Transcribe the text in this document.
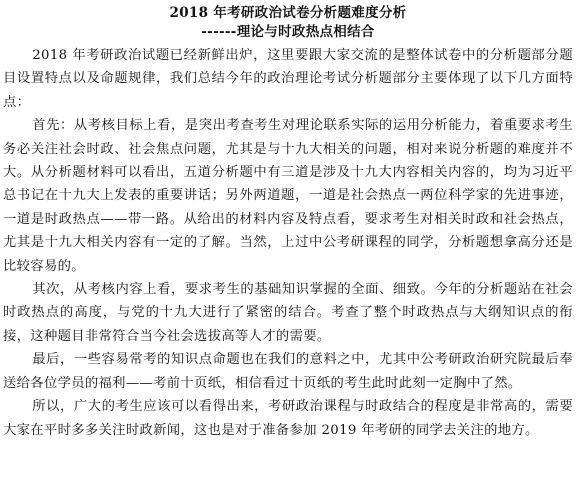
2018 年考研政治试卷分析题难度分析
------理论与时政热点相结合

2018 年考研政治试题已经新鲜出炉，这里要跟大家交流的是整体试卷中的分析题部分题目设置特点以及命题规律，我们总结今年的政治理论考试分析题部分主要体现了以下几方面特点：

首先：从考核目标上看，是突出考查考生对理论联系实际的运用分析能力，着重要求考生务必关注社会时政、社会焦点问题，尤其是与十九大相关的问题，相对来说分析题的难度并不大。从分析题材料可以看出，五道分析题中有三道是涉及十九大内容相关内容的，均为习近平总书记在十九大上发表的重要讲话；另外两道题，一道是社会热点一两位科学家的先进事迹，一道是时政热点——带一路。从给出的材料内容及特点看，要求考生对相关时政和社会热点，尤其是十九大相关内容有一定的了解。当然，上过中公考研课程的同学，分析题想拿高分还是比较容易的。

其次，从考核内容上看，要求考生的基础知识掌握的全面、细致。今年的分析题站在社会时政热点的高度，与党的十九大进行了紧密的结合。考查了整个时政热点与大纲知识点的衔接，这种题目非常符合当今社会选拔高等人才的需要。

最后，一些容易常考的知识点命题也在我们的意料之中，尤其中公考研政治研究院最后奉送给各位学员的福利——考前十页纸，相信看过十页纸的考生此时此刻一定胸中了然。

所以，广大的考生应该可以看得出来，考研政治课程与时政结合的程度是非常高的，需要大家在平时多多关注时政新闻，这也是对于准备参加 2019 年考研的同学去关注的地方。
